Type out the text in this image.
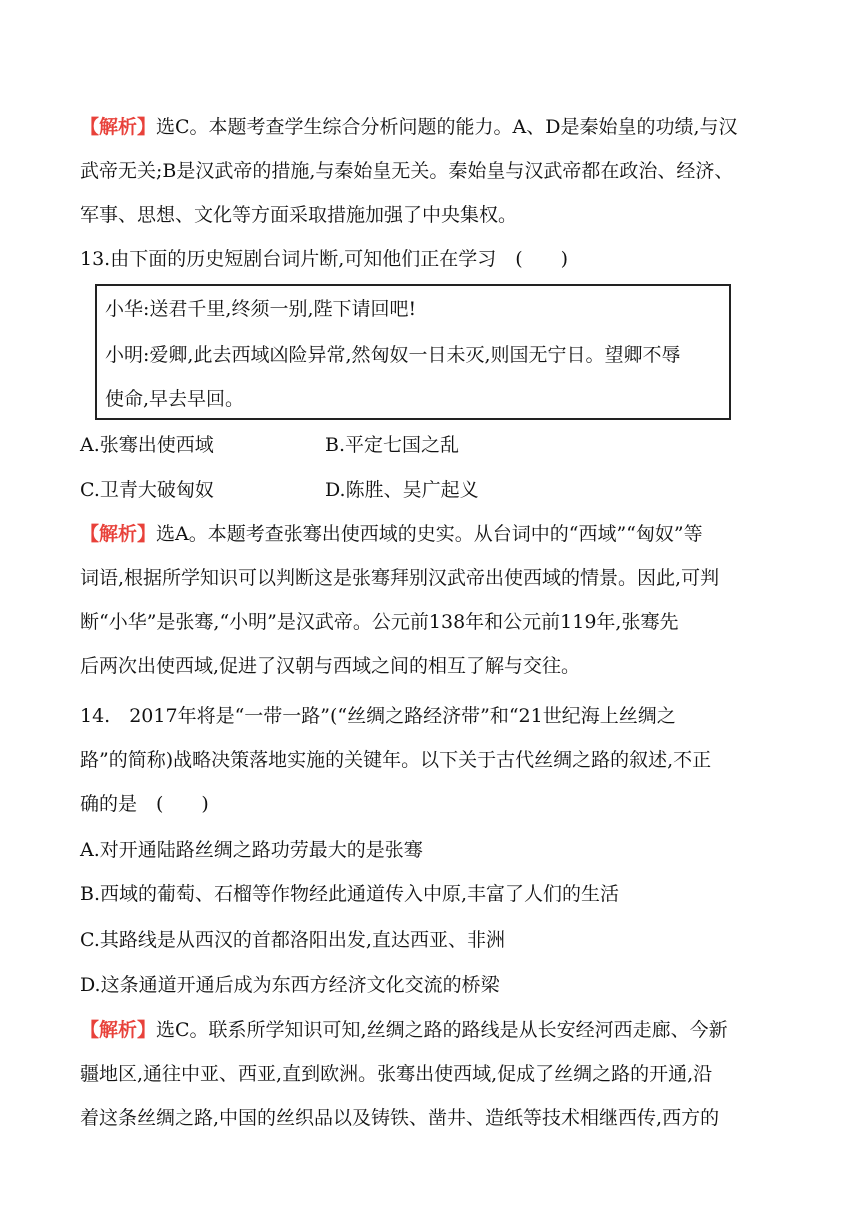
【解析】选C。本题考查学生综合分析问题的能力。A、D是秦始皇的功绩,与汉
武帝无关;B是汉武帝的措施,与秦始皇无关。秦始皇与汉武帝都在政治、经济、
军事、思想、文化等方面采取措施加强了中央集权。
13.由下面的历史短剧台词片断,可知他们正在学习　(　　)
小华:送君千里,终须一别,陛下请回吧!
小明:爱卿,此去西域凶险异常,然匈奴一日未灭,则国无宁日。望卿不辱
使命,早去早回。
A.张骞出使西域	B.平定七国之乱
C.卫青大破匈奴	D.陈胜、吴广起义
【解析】选A。本题考查张骞出使西域的史实。从台词中的“西域”“匈奴”等
词语,根据所学知识可以判断这是张骞拜别汉武帝出使西域的情景。因此,可判
断“小华”是张骞,“小明”是汉武帝。公元前138年和公元前119年,张骞先
后两次出使西域,促进了汉朝与西域之间的相互了解与交往。
14.　2017年将是“一带一路”(“丝绸之路经济带”和“21世纪海上丝绸之
路”的简称)战略决策落地实施的关键年。以下关于古代丝绸之路的叙述,不正
确的是　(　　)
A.对开通陆路丝绸之路功劳最大的是张骞
B.西域的葡萄、石榴等作物经此通道传入中原,丰富了人们的生活
C.其路线是从西汉的首都洛阳出发,直达西亚、非洲
D.这条通道开通后成为东西方经济文化交流的桥梁
【解析】选C。联系所学知识可知,丝绸之路的路线是从长安经河西走廊、今新
疆地区,通往中亚、西亚,直到欧洲。张骞出使西域,促成了丝绸之路的开通,沿
着这条丝绸之路,中国的丝织品以及铸铁、凿井、造纸等技术相继西传,西方的
